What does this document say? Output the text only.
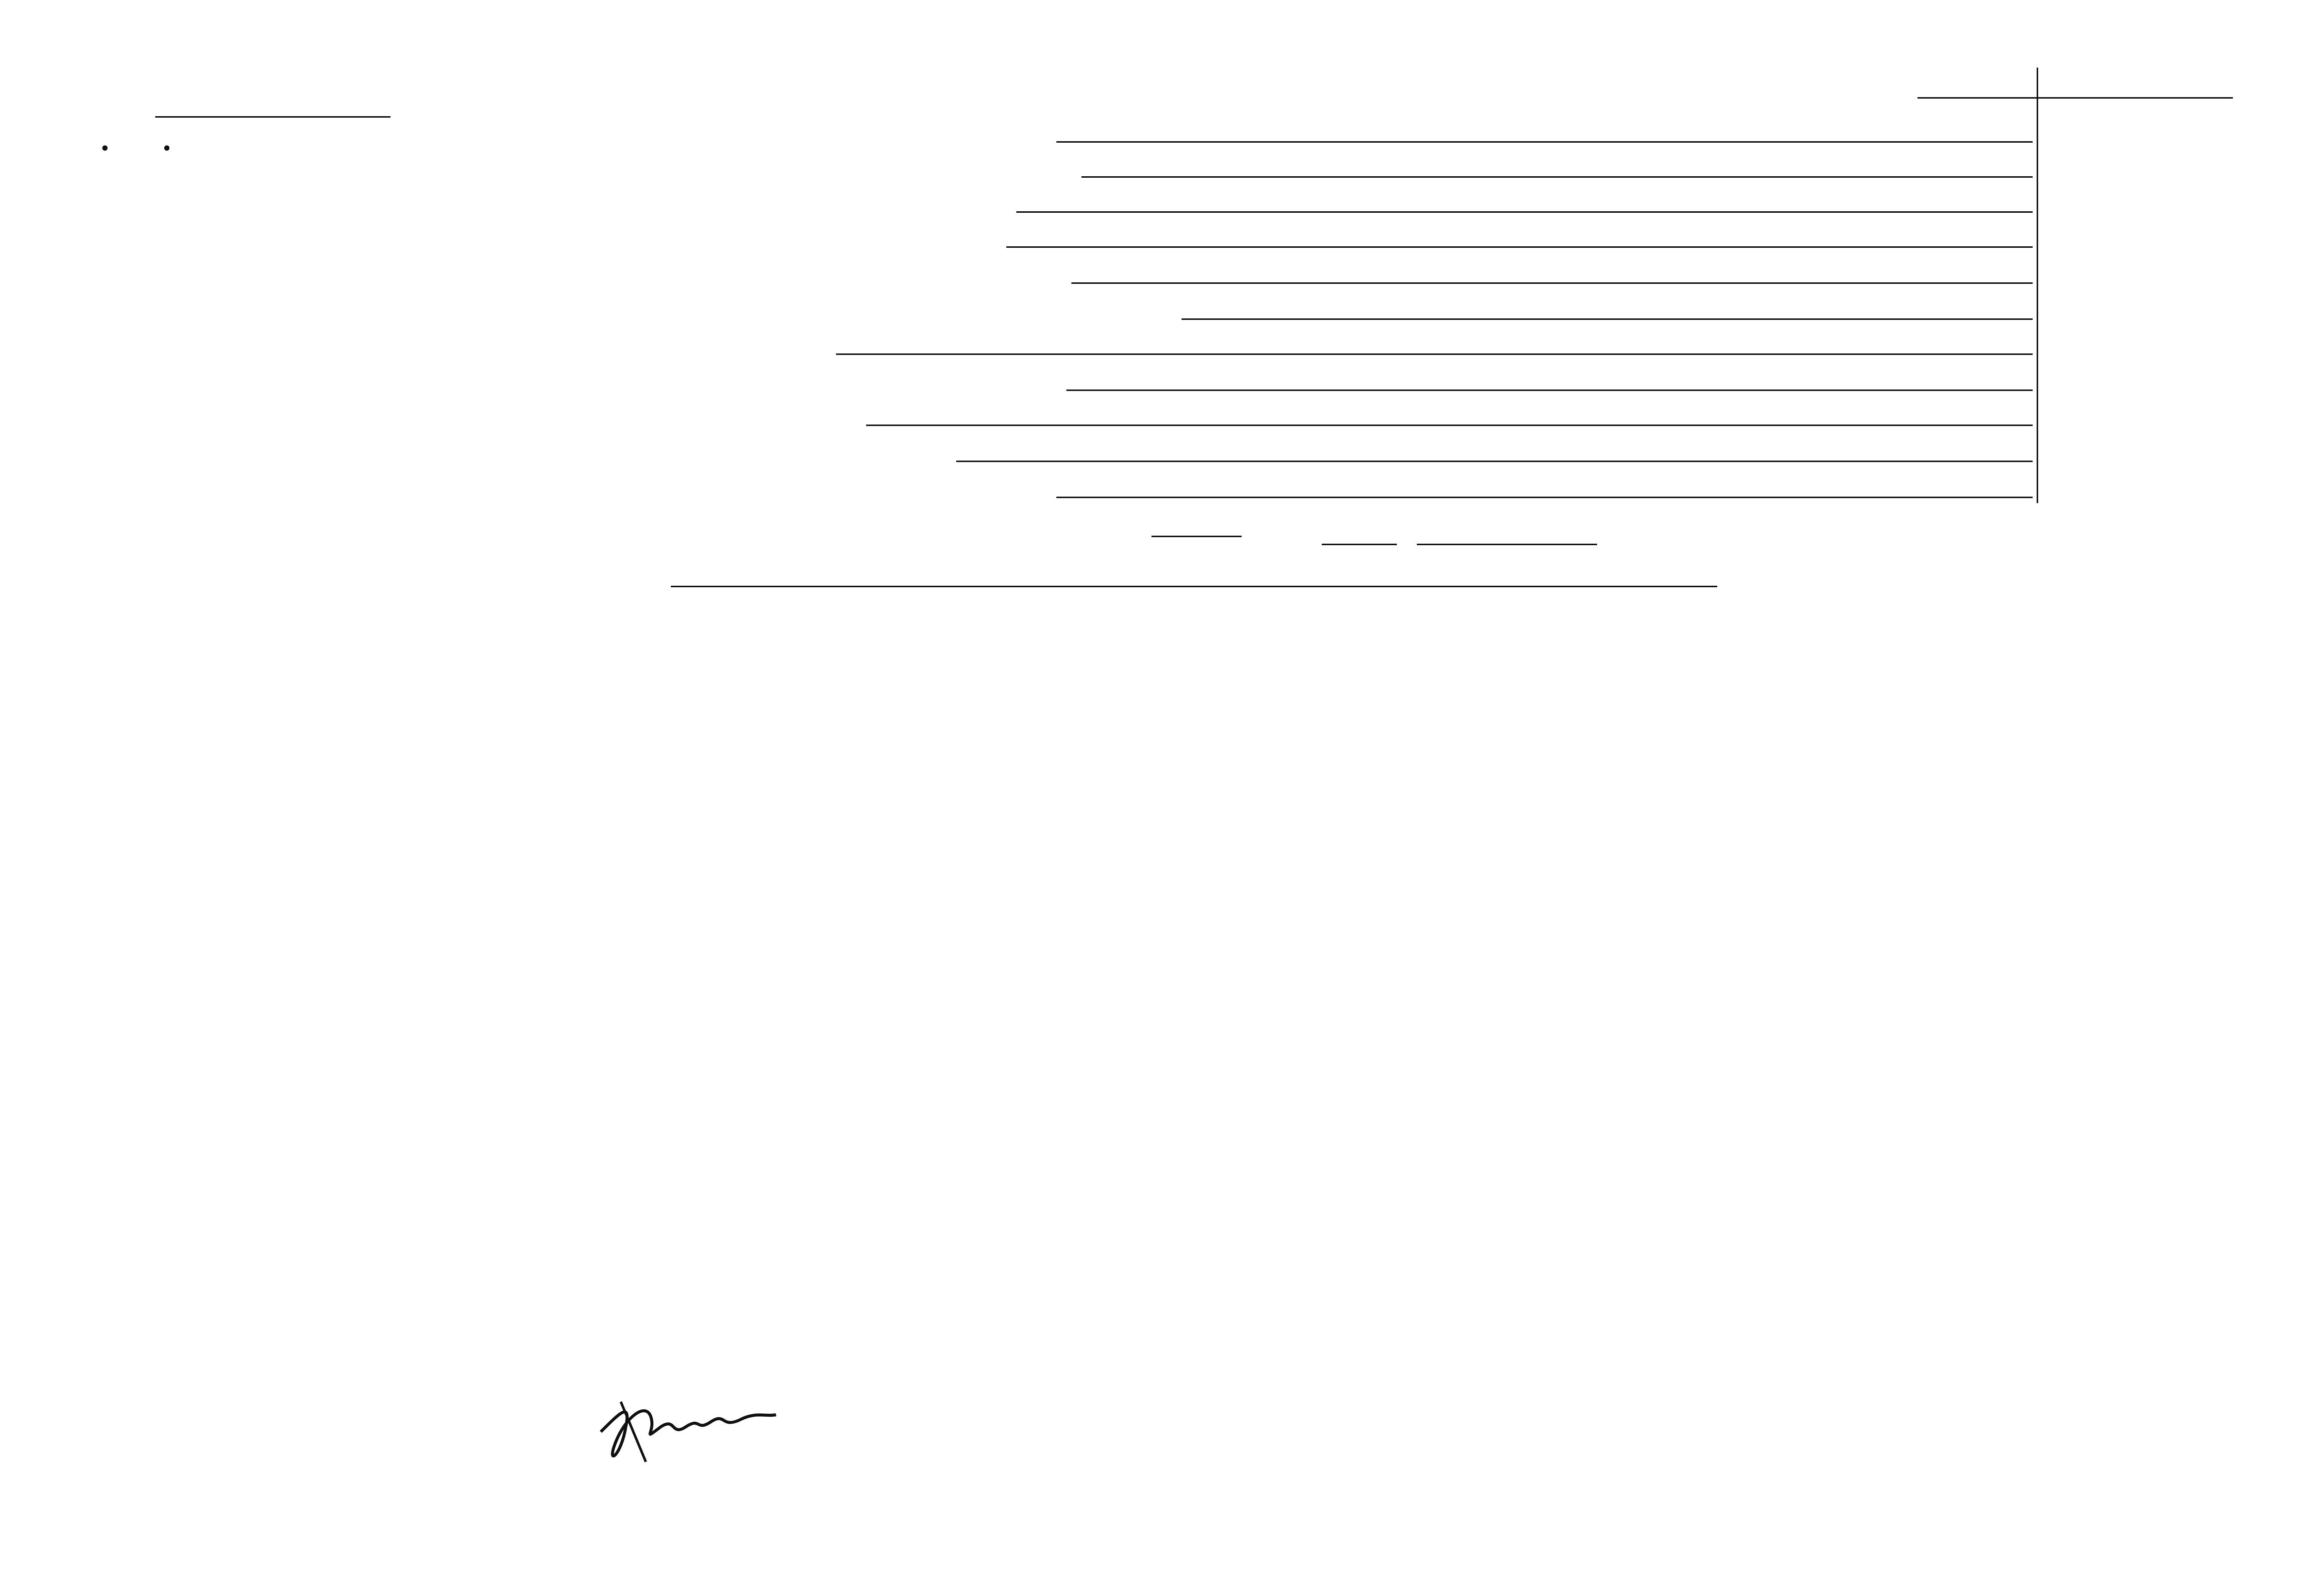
•          •
